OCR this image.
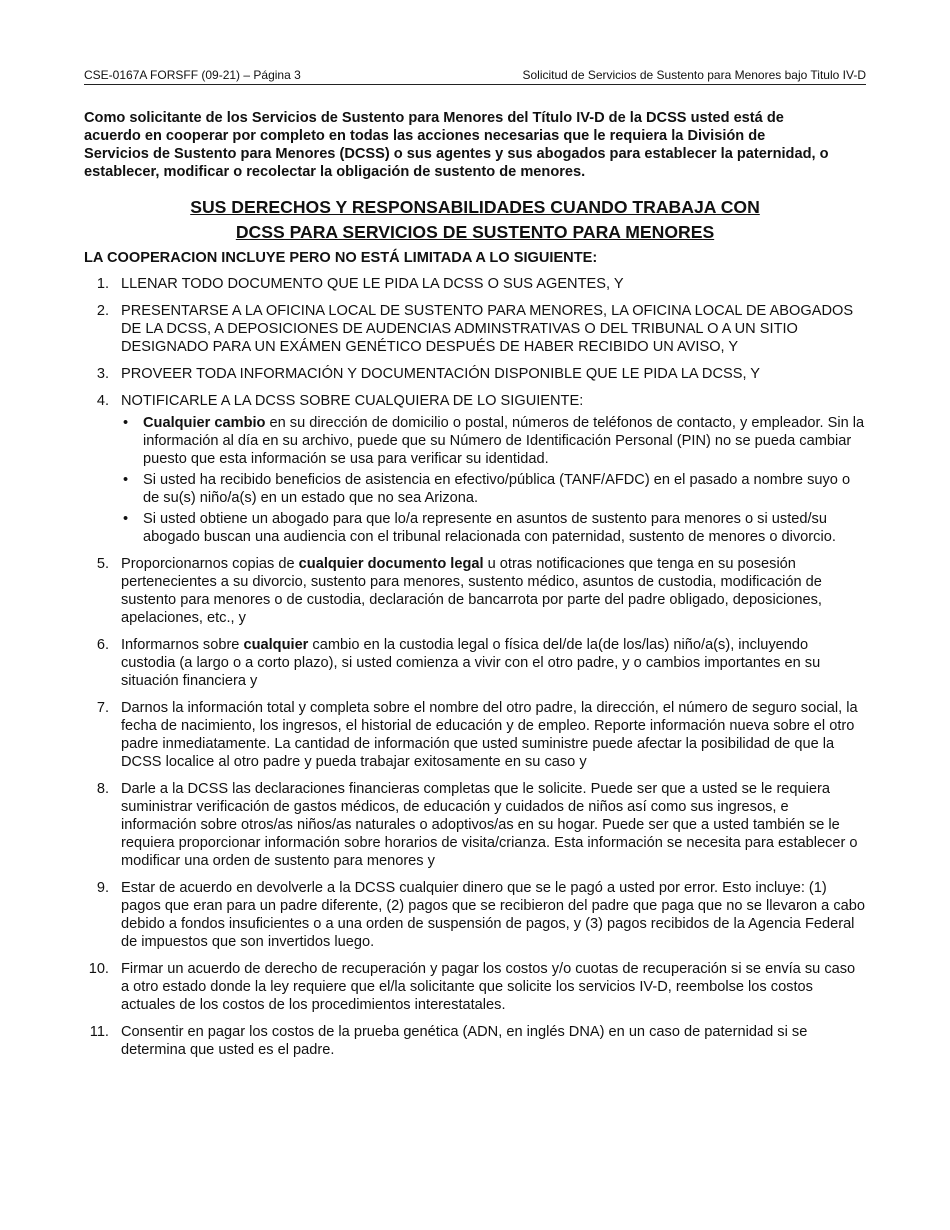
CSE-0167A FORSFF (09-21) – Página 3	Solicitud de Servicios de Sustento para Menores bajo Titulo IV-D

Como solicitante de los Servicios de Sustento para Menores del Título IV-D de la DCSS usted está de acuerdo en cooperar por completo en todas las acciones necesarias que le requiera la División de Servicios de Sustento para Menores (DCSS) o sus agentes y sus abogados para establecer la paternidad, o establecer, modificar o recolectar la obligación de sustento de menores.

SUS DERECHOS Y RESPONSABILIDADES CUANDO TRABAJA CON
DCSS PARA SERVICIOS DE SUSTENTO PARA MENORES

LA COOPERACION INCLUYE PERO NO ESTÁ LIMITADA A LO SIGUIENTE:

1. LLENAR TODO DOCUMENTO QUE LE PIDA LA DCSS O SUS AGENTES, Y
2. PRESENTARSE A LA OFICINA LOCAL DE SUSTENTO PARA MENORES, LA OFICINA LOCAL DE ABOGADOS DE LA DCSS, A DEPOSICIONES DE AUDENCIAS ADMINSTRATIVAS O DEL TRIBUNAL O A UN SITIO DESIGNADO PARA UN EXÁMEN GENÉTICO DESPUÉS DE HABER RECIBIDO UN AVISO, Y
3. PROVEER TODA INFORMACIÓN Y DOCUMENTACIÓN DISPONIBLE QUE LE PIDA LA DCSS, Y
4. NOTIFICARLE A LA DCSS SOBRE CUALQUIERA DE LO SIGUIENTE:
• Cualquier cambio en su dirección de domicilio o postal, números de teléfonos de contacto, y empleador. Sin la información al día en su archivo, puede que su Número de Identificación Personal (PIN) no se pueda cambiar puesto que esta información se usa para verificar su identidad.
• Si usted ha recibido beneficios de asistencia en efectivo/pública (TANF/AFDC) en el pasado a nombre suyo o de su(s) niño/a(s) en un estado que no sea Arizona.
• Si usted obtiene un abogado para que lo/a represente en asuntos de sustento para menores o si usted/su abogado buscan una audiencia con el tribunal relacionada con paternidad, sustento de menores o divorcio.
5. Proporcionarnos copias de cualquier documento legal u otras notificaciones que tenga en su posesión pertenecientes a su divorcio, sustento para menores, sustento médico, asuntos de custodia, modificación de sustento para menores o de custodia, declaración de bancarrota por parte del padre obligado, deposiciones, apelaciones, etc., y
6. Informarnos sobre cualquier cambio en la custodia legal o física del/de la(de los/las) niño/a(s), incluyendo custodia (a largo o a corto plazo), si usted comienza a vivir con el otro padre, y o cambios importantes en su situación financiera y
7. Darnos la información total y completa sobre el nombre del otro padre, la dirección, el número de seguro social, la fecha de nacimiento, los ingresos, el historial de educación y de empleo. Reporte información nueva sobre el otro padre inmediatamente. La cantidad de información que usted suministre puede afectar la posibilidad de que la DCSS localice al otro padre y pueda trabajar exitosamente en su caso y
8. Darle a la DCSS las declaraciones financieras completas que le solicite. Puede ser que a usted se le requiera suministrar verificación de gastos médicos, de educación y cuidados de niños así como sus ingresos, e información sobre otros/as niños/as naturales o adoptivos/as en su hogar. Puede ser que a usted también se le requiera proporcionar información sobre horarios de visita/crianza. Esta información se necesita para establecer o modificar una orden de sustento para menores y
9. Estar de acuerdo en devolverle a la DCSS cualquier dinero que se le pagó a usted por error. Esto incluye: (1) pagos que eran para un padre diferente, (2) pagos que se recibieron del padre que paga que no se llevaron a cabo debido a fondos insuficientes o a una orden de suspensión de pagos, y (3) pagos recibidos de la Agencia Federal de impuestos que son invertidos luego.
10. Firmar un acuerdo de derecho de recuperación y pagar los costos y/o cuotas de recuperación si se envía su caso a otro estado donde la ley requiere que el/la solicitante que solicite los servicios IV-D, reembolse los costos actuales de los costos de los procedimientos interestatales.
11. Consentir en pagar los costos de la prueba genética (ADN, en inglés DNA) en un caso de paternidad si se determina que usted es el padre.
